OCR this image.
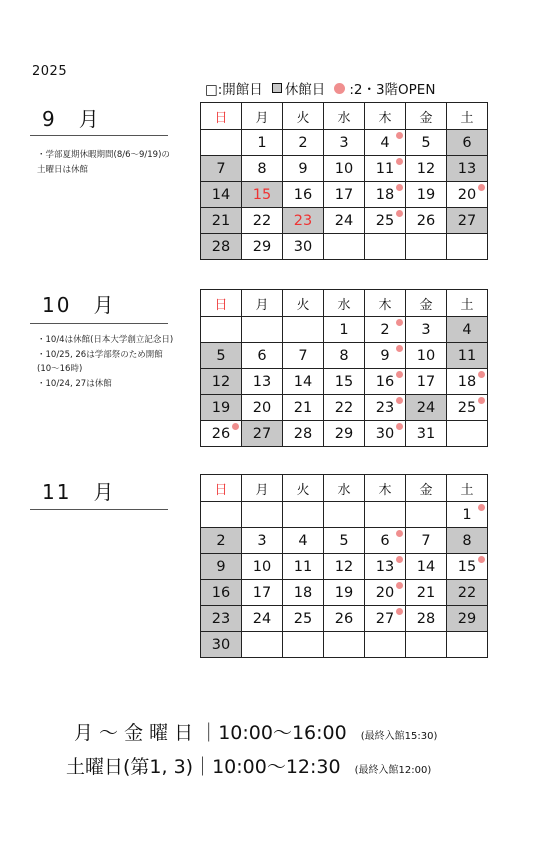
2025
□:開館日 休館日 :2・3階OPEN
9　月
・学部夏期休暇期間(8/6〜9/19)の
土曜日は休館
日	月	火	水	木	金	土
	1	2	3	4	5	6
7	8	9	10	11	12	13
14	15	16	17	18	19	20
21	22	23	24	25	26	27
28	29	30				
10　月
・10/4は休館(日本大学創立記念日)
・10/25, 26は学部祭のため開館
(10〜16時)
・10/24, 27は休館
日	月	火	水	木	金	土
			1	2	3	4
5	6	7	8	9	10	11
12	13	14	15	16	17	18
19	20	21	22	23	24	25
26	27	28	29	30	31	
11　月	日	月	火	水	木	金	土
						1
2	3	4	5	6	7	8
9	10	11	12	13	14	15
16	17	18	19	20	21	22
23	24	25	26	27	28	29
30						
月 ～ 金 曜 日 ｜10:00〜16:00 (最終入館15:30)
土曜日(第1, 3)｜10:00〜12:30 (最終入館12:00)
